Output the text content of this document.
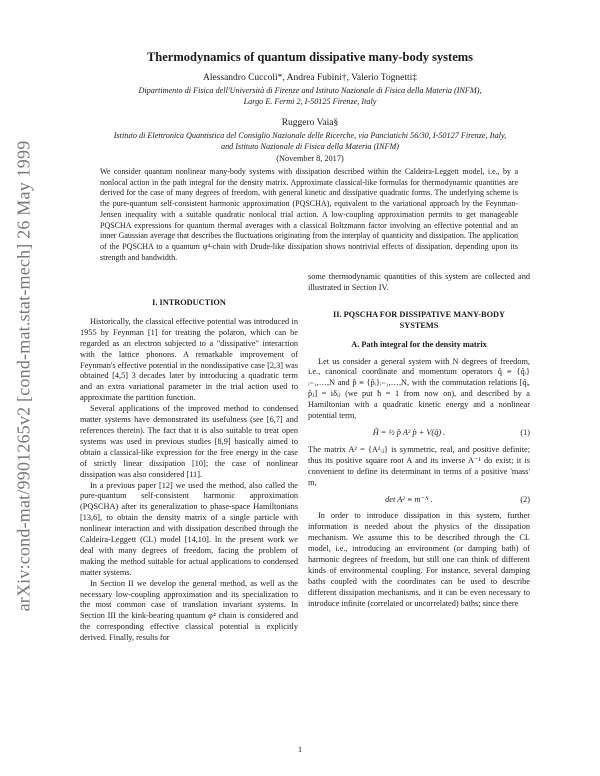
arXiv:cond-mat/9901265v2 [cond-mat.stat-mech] 26 May 1999
Thermodynamics of quantum dissipative many-body systems
Alessandro Cuccoli*, Andrea Fubini†, Valerio Tognetti‡
Dipartimento di Fisica dell'Università di Firenze and Istituto Nazionale di Fisica della Materia (INFM),
Largo E. Fermi 2, I-50125 Firenze, Italy
Ruggero Vaia§
Istituto di Elettronica Quantistica del Consiglio Nazionale delle Ricerche, via Panciatichi 56/30, I-50127 Firenze, Italy,
and Istituto Nazionale di Fisica della Materia (INFM)
(November 8, 2017)
We consider quantum nonlinear many-body systems with dissipation described within the Caldeira-Leggett model, i.e., by a nonlocal action in the path integral for the density matrix. Approximate classical-like formulas for thermodynamic quantities are derived for the case of many degrees of freedom, with general kinetic and dissipative quadratic forms. The underlying scheme is the pure-quantum self-consistent harmonic approximation (PQSCHA), equivalent to the variational approach by the Feynman-Jensen inequality with a suitable quadratic nonlocal trial action. A low-coupling approximation permits to get manageable PQSCHA expressions for quantum thermal averages with a classical Boltzmann factor involving an effective potential and an inner Gaussian average that describes the fluctuations originating from the interplay of quanticity and dissipation. The application of the PQSCHA to a quantum φ⁴-chain with Drude-like dissipation shows nontrivial effects of dissipation, depending upon its strength and bandwidth.
I. INTRODUCTION

Historically, the classical effective potential was introduced in 1955 by Feynman [1] for treating the polaron, which can be regarded as an electron subjected to a "dissipative" interaction with the lattice phonons. A remarkable improvement of Feynman's effective potential in the nondissipative case [2,3] was obtained [4,5] 3 decades later by introducing a quadratic term and an extra variational parameter in the trial action used to approximate the partition function.

Several applications of the improved method to condensed matter systems have demonstrated its usefulness (see [6,7] and references therein). The fact that it is also suitable to treat open systems was used in previous studies [8,9] basically aimed to obtain a classical-like expression for the free energy in the case of strictly linear dissipation [10]; the case of nonlinear dissipation was also considered [11].

In a previous paper [12] we used the method, also called the pure-quantum self-consistent harmonic approximation (PQSCHA) after its generalization to phase-space Hamiltonians [13,6], to obtain the density matrix of a single particle with nonlinear interaction and with dissipation described through the Caldeira-Leggett (CL) model [14,10]. In the present work we deal with many degrees of freedom, facing the problem of making the method suitable for actual applications to condensed matter systems.

In Section II we develop the general method, as well as the necessary low-coupling approximation and its specialization to the most common case of translation invariant systems. In Section III the kink-bearing quantum φ⁴ chain is considered and the corresponding effective classical potential is explicitly derived. Finally, results for

some thermodynamic quantities of this system are collected and illustrated in Section IV.

II. PQSCHA FOR DISSIPATIVE MANY-BODY
SYSTEMS
A. Path integral for the density matrix

Let us consider a general system with N degrees of freedom, i.e., canonical coordinate and momentum operators q̂ ≡ {q̂ᵢ}ᵢ₌₁,…,N and p̂ ≡ {p̂ᵢ}ᵢ₌₁,…,N, with the commutation relations [q̂ᵢ, p̂ⱼ] = iδᵢⱼ (we put ħ = 1 from now on), and described by a Hamiltonian with a quadratic kinetic energy and a nonlinear potential term,

Ĥ = ½ p̂ A² p̂ + V(q̂) .	(1)

The matrix A² = {A²ᵢⱼ} is symmetric, real, and positive definite; thus its positive square root A and its inverse A⁻¹ do exist; it is convenient to define its determinant in terms of a positive 'mass' m,

det A² ≡ m⁻ᴺ .	(2)

In order to introduce dissipation in this system, further information is needed about the physics of the dissipation mechanism. We assume this to be described through the CL model, i.e., introducing an environment (or damping bath) of harmonic degrees of freedom, but still one can think of different kinds of environmental coupling. For instance, several damping baths coupled with the coordinates can be used to describe different dissipation mechanisms, and it can be even necessary to introduce infinite (correlated or uncorrelated) baths; since there

1
